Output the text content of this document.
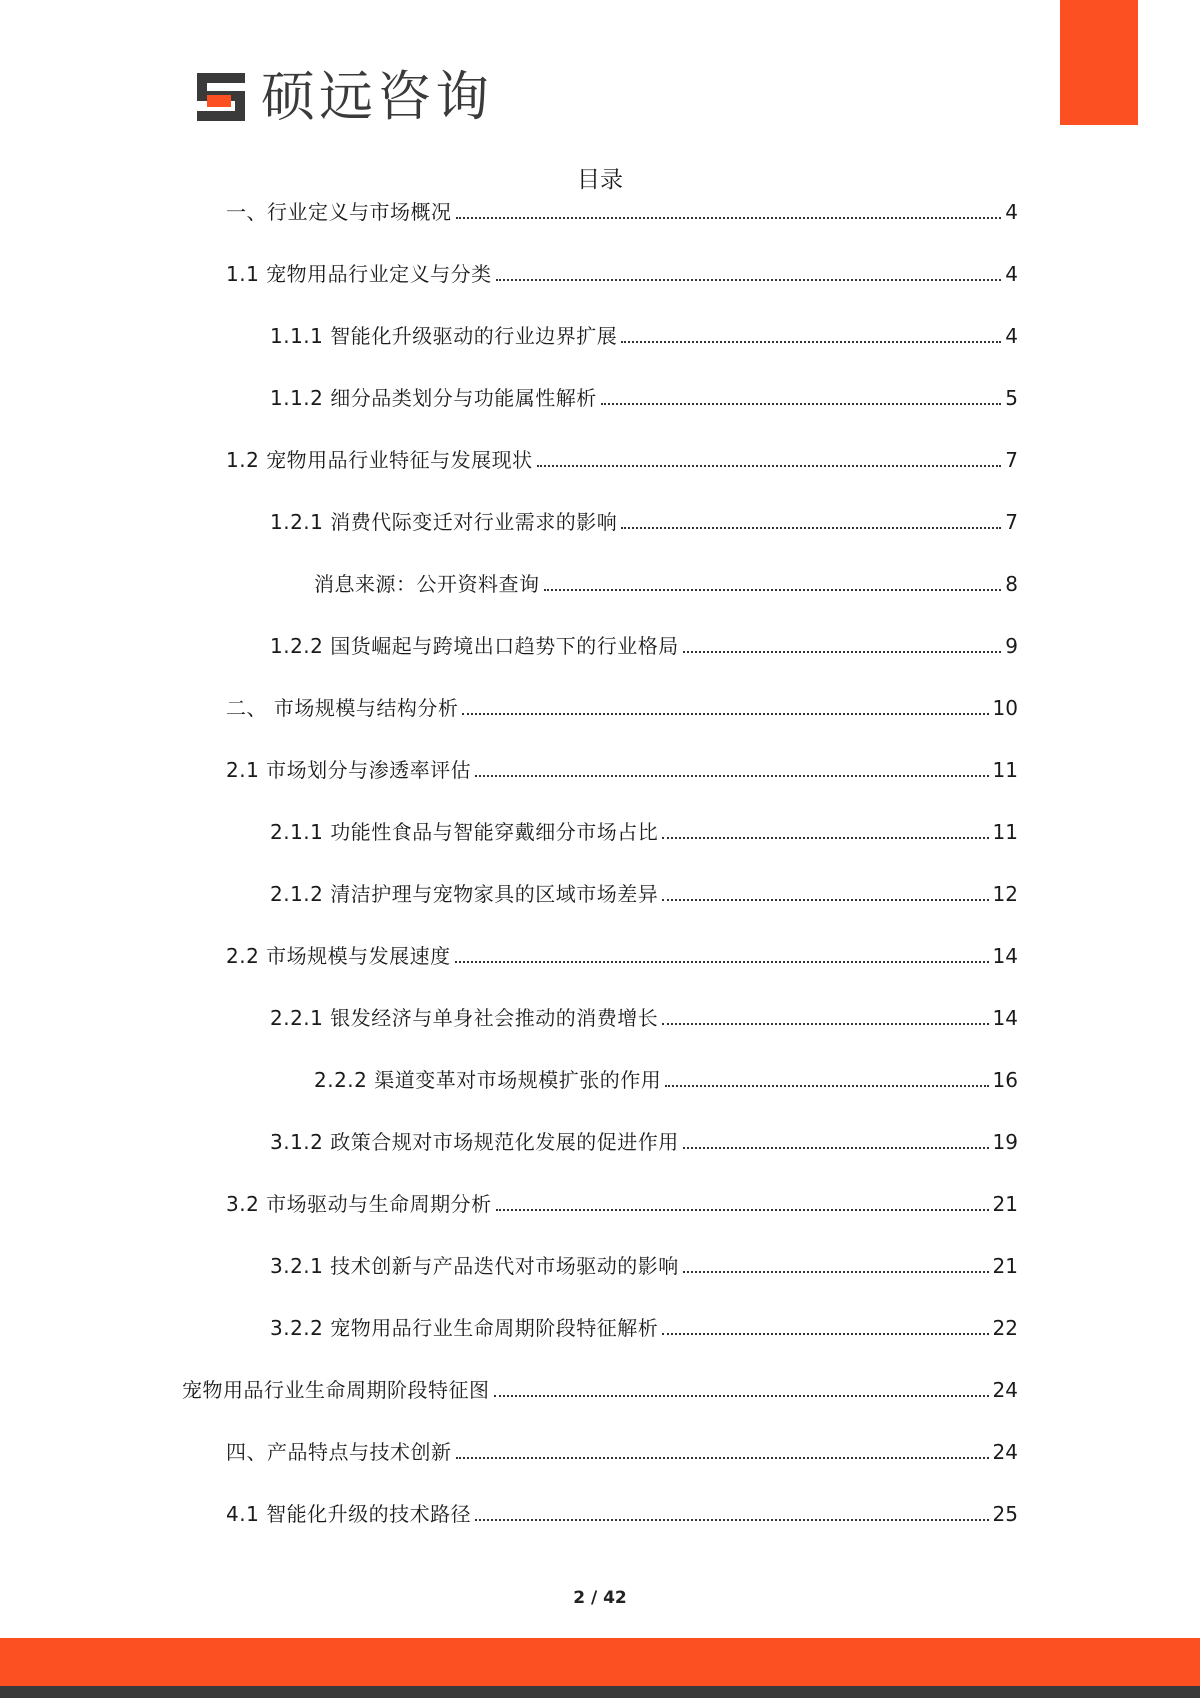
硕远咨询
目录
一、行业定义与市场概况	4
1.1 宠物用品行业定义与分类	4
1.1.1 智能化升级驱动的行业边界扩展	4
1.1.2 细分品类划分与功能属性解析	5
1.2 宠物用品行业特征与发展现状	7
1.2.1 消费代际变迁对行业需求的影响	7
消息来源：公开资料查询	8
1.2.2 国货崛起与跨境出口趋势下的行业格局	9
二、 市场规模与结构分析	10
2.1 市场划分与渗透率评估	11
2.1.1 功能性食品与智能穿戴细分市场占比	11
2.1.2 清洁护理与宠物家具的区域市场差异	12
2.2 市场规模与发展速度	14
2.2.1 银发经济与单身社会推动的消费增长	14
2.2.2 渠道变革对市场规模扩张的作用	16
3.1.2 政策合规对市场规范化发展的促进作用	19
3.2 市场驱动与生命周期分析	21
3.2.1 技术创新与产品迭代对市场驱动的影响	21
3.2.2 宠物用品行业生命周期阶段特征解析	22
宠物用品行业生命周期阶段特征图	24
四、产品特点与技术创新	24
4.1 智能化升级的技术路径	25
2 / 42
